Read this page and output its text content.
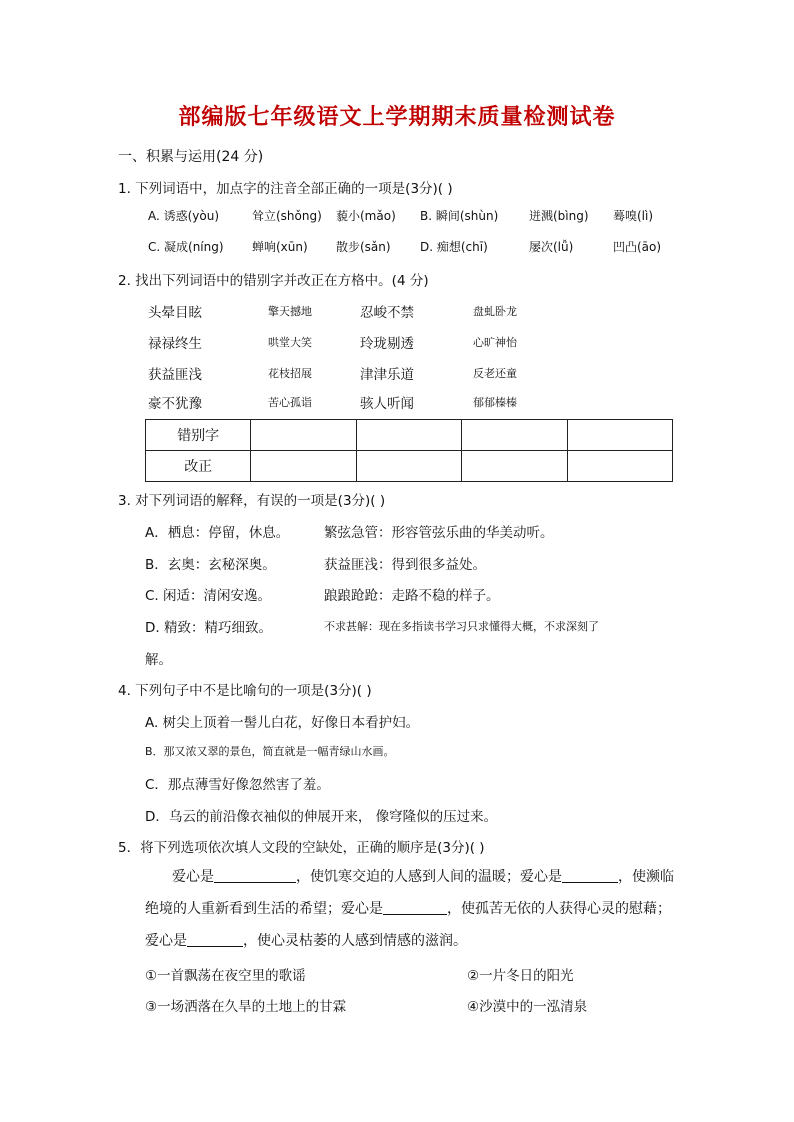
部编版七年级语文上学期期末质量检测试卷
一、积累与运用(24 分)
1. 下列词语中，加点字的注音全部正确的一项是(3分)( )
A. 诱惑(yòu)	耸立(shǒng) 藐小(mǎo) B. 瞬间(shùn)	迸溅(bìng) 蓦嗅(lì)
C. 凝成(níng) 蝉响(xūn) 散步(sǎn) D. 痴想(chī)	屡次(lǚ)	凹凸(āo)
2. 找出下列词语中的错别字并改正在方格中。(4 分)
头晕目眩	擎天撼地	忍峻不禁	盘虬卧龙
禄禄终生	哄堂大笑	玲珑剔透	心旷神怡
获益匪浅	花枝招展	津津乐道	反老还童
豪不犹豫	苦心孤诣	骇人听闻	郁郁榛榛
错别字				
改正				
3. 对下列词语的解释，有误的一项是(3分)( )
A．栖息：停留，休息。	繁弦急管：形容管弦乐曲的华美动听。
B．玄奥：玄秘深奥。	获益匪浅：得到很多益处。
C. 闲适：清闲安逸。	踉踉跄跄：走路不稳的样子。
D. 精致：精巧细致。	不求甚解：现在多指读书学习只求懂得大概，不求深刻了
解。
4. 下列句子中不是比喻句的一项是(3分)( )
A. 树尖上顶着一髻儿白花，好像日本看护妇。
B．那又浓又翠的景色，简直就是一幅青绿山水画。
C．那点薄雪好像忽然害了羞。
D．乌云的前沿像衣袖似的伸展开来， 像穹隆似的压过来。
5．将下列选项依次填人文段的空缺处，正确的顺序是(3分)( )
爱心是	，使饥寒交迫的人感到人间的温暖；爱心是	，使濒临
绝境的人重新看到生活的希望；爱心是	，使孤苦无依的人获得心灵的慰藉；
爱心是	，使心灵枯萎的人感到情感的滋润。
①一首飘荡在夜空里的歌谣	②一片冬日的阳光
③一场洒落在久旱的土地上的甘霖	④沙漠中的一泓清泉
